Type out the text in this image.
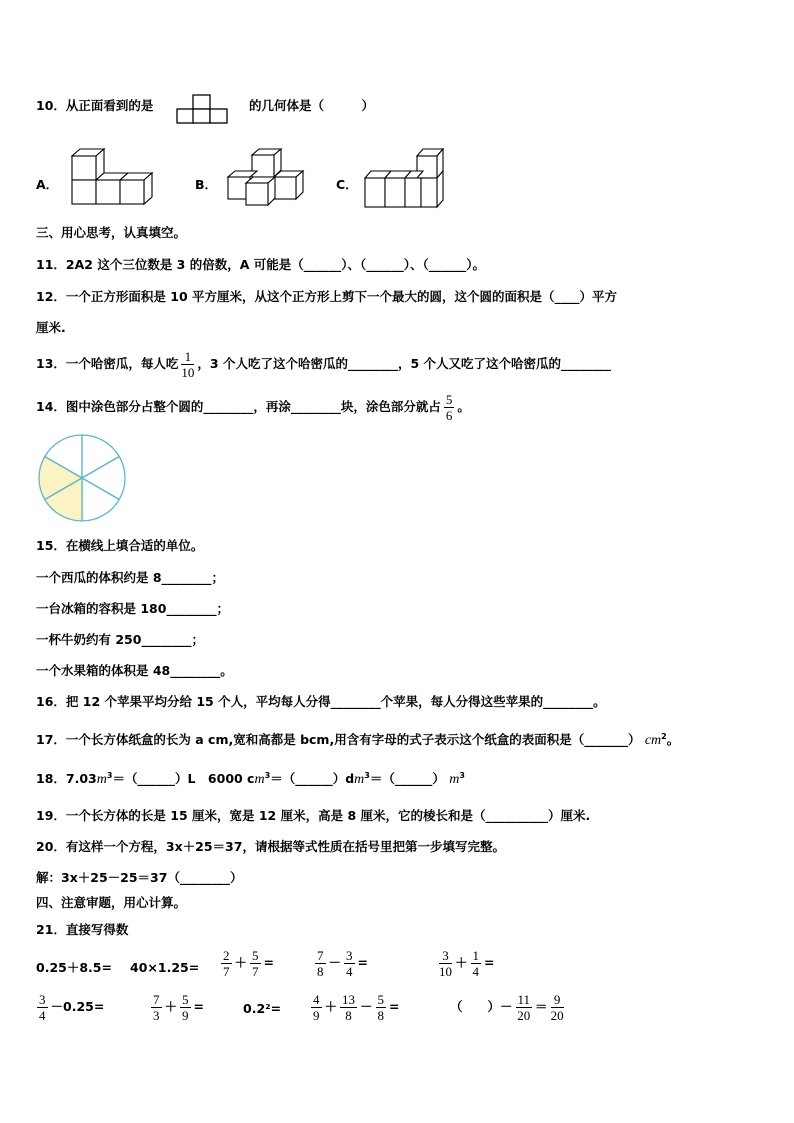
10．从正面看到的是	的几何体是（　　　）
A．	B．	C．
三、用心思考，认真填空。
11．2A2 这个三位数是 3 的倍数，A 可能是（______）、（______）、（______）。
12．一个正方形面积是 10 平方厘米，从这个正方形上剪下一个最大的圆，这个圆的面积是（____）平方
厘米.
13．一个哈密瓜，每人吃 $\frac{1}{10}$ ，3 个人吃了这个哈密瓜的________，5 个人又吃了这个哈密瓜的________
14．图中涂色部分占整个圆的________，再涂________块，涂色部分就占 $\frac{5}{6}$ 。
15．在横线上填合适的单位。
一个西瓜的体积约是 8________；
一台冰箱的容积是 180________；
一杯牛奶约有 250________；
一个水果箱的体积是 48________。
16．把 12 个苹果平均分给 15 个人，平均每人分得________个苹果，每人分得这些苹果的________。
17．一个长方体纸盒的长为 a cm,宽和高都是 bcm,用含有字母的式子表示这个纸盒的表面积是（_______） $cm^2$。
18．$7.03m^3=(\_\_\_\_\_\_)L$　6000 $cm^3=(\_\_\_\_\_\_)dm^3=(\_\_\_\_\_\_)$ $m^3$
19．一个长方体的长是 15 厘米，宽是 12 厘米，高是 8 厘米，它的棱长和是（__________）厘米.
20．有这样一个方程，3x＋25＝37，请根据等式性质在括号里把第一步填写完整。
解：3x＋25－25＝37（________）
四、注意审题，用心计算。
21．直接写得数
$0.25+8.5= 40\times 1.25= \frac{2}{7} + \frac{5}{7}$ =	$\frac{7}{8} - \frac{3}{4}$ =	$\frac{3}{10} + \frac{1}{4}$ =
$\frac{3}{4} -0.25=$	$\frac{7}{3} + \frac{5}{9}$ =	$0.2^2= \frac{4}{9} + \frac{13}{8} - \frac{5}{8}$ =	（　　）－ $\frac{11}{20} = \frac{9}{20}$
